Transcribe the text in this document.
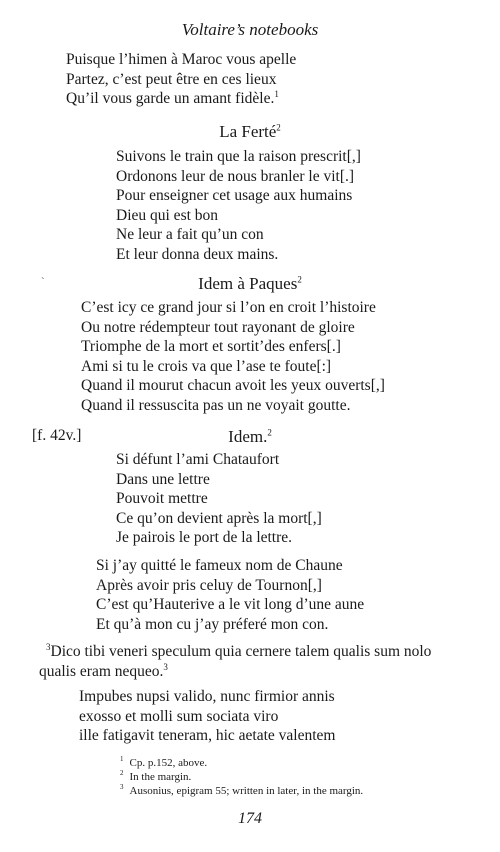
Voltaire’s notebooks
Puisque l’himen à Maroc vous apelle
Partez, c’est peut être en ces lieux
Qu’il vous garde un amant fidèle.$^1$
La Ferté$^2$
Suivons le train que la raison prescrit[,]
Ordonons leur de nous branler le vit[.]
Pour enseigner cet usage aux humains
Dieu qui est bon
Ne leur a fait qu’un con
Et leur donna deux mains.
`	Idem à Paques$^2$
C’est icy ce grand jour si l’on en croit l’histoire
Ou notre rédempteur tout rayonant de gloire
Triomphe de la mort et sortit’des enfers[.]
Ami si tu le crois va que l’ase te foute[:]
Quand il mourut chacun avoit les yeux ouverts[,]
Quand il ressuscita pas un ne voyait goutte.
[f. 42v.]	Idem.$^2$
Si défunt l’ami Chataufort
Dans une lettre
Pouvoit mettre
Ce qu’on devient après la mort[,]
Je pairois le port de la lettre.
Si j’ay quitté le fameux nom de Chaune
Après avoir pris celuy de Tournon[,]
C’est qu’Hauterive a le vit long d’une aune
Et qu’à mon cu j’ay préferé mon con.
$^3$Dico tibi veneri speculum quia cernere talem qualis sum nolo
qualis eram nequeo.$^3$
Impubes nupsi valido, nunc firmior annis
exosso et molli sum sociata viro
ille fatigavit teneram, hic aetate valentem
$^1$ Cp. p.152, above.
$^2$ In the margin.
$^3$ Ausonius, epigram 55; written in later, in the margin.
174
